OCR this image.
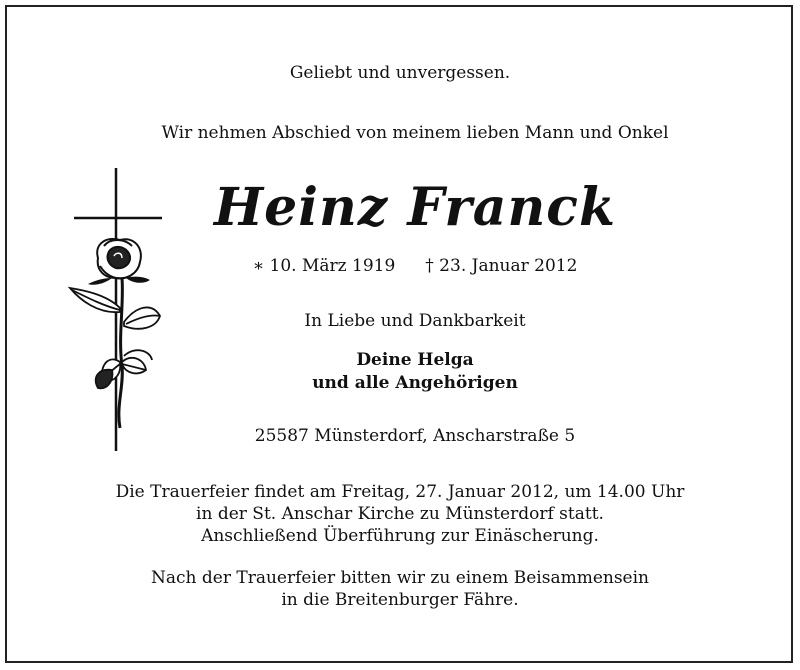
Geliebt und unvergessen.
Wir nehmen Abschied von meinem lieben Mann und Onkel
Heinz Franck
∗ 10. März 1919 † 23. Januar 2012
In Liebe und Dankbarkeit
Deine Helga
und alle Angehörigen
25587 Münsterdorf, Anscharstraße 5
Die Trauerfeier findet am Freitag, 27. Januar 2012, um 14.00 Uhr
in der St. Anschar Kirche zu Münsterdorf statt.
Anschließend Überführung zur Einäscherung.
Nach der Trauerfeier bitten wir zu einem Beisammensein
in die Breitenburger Fähre.
